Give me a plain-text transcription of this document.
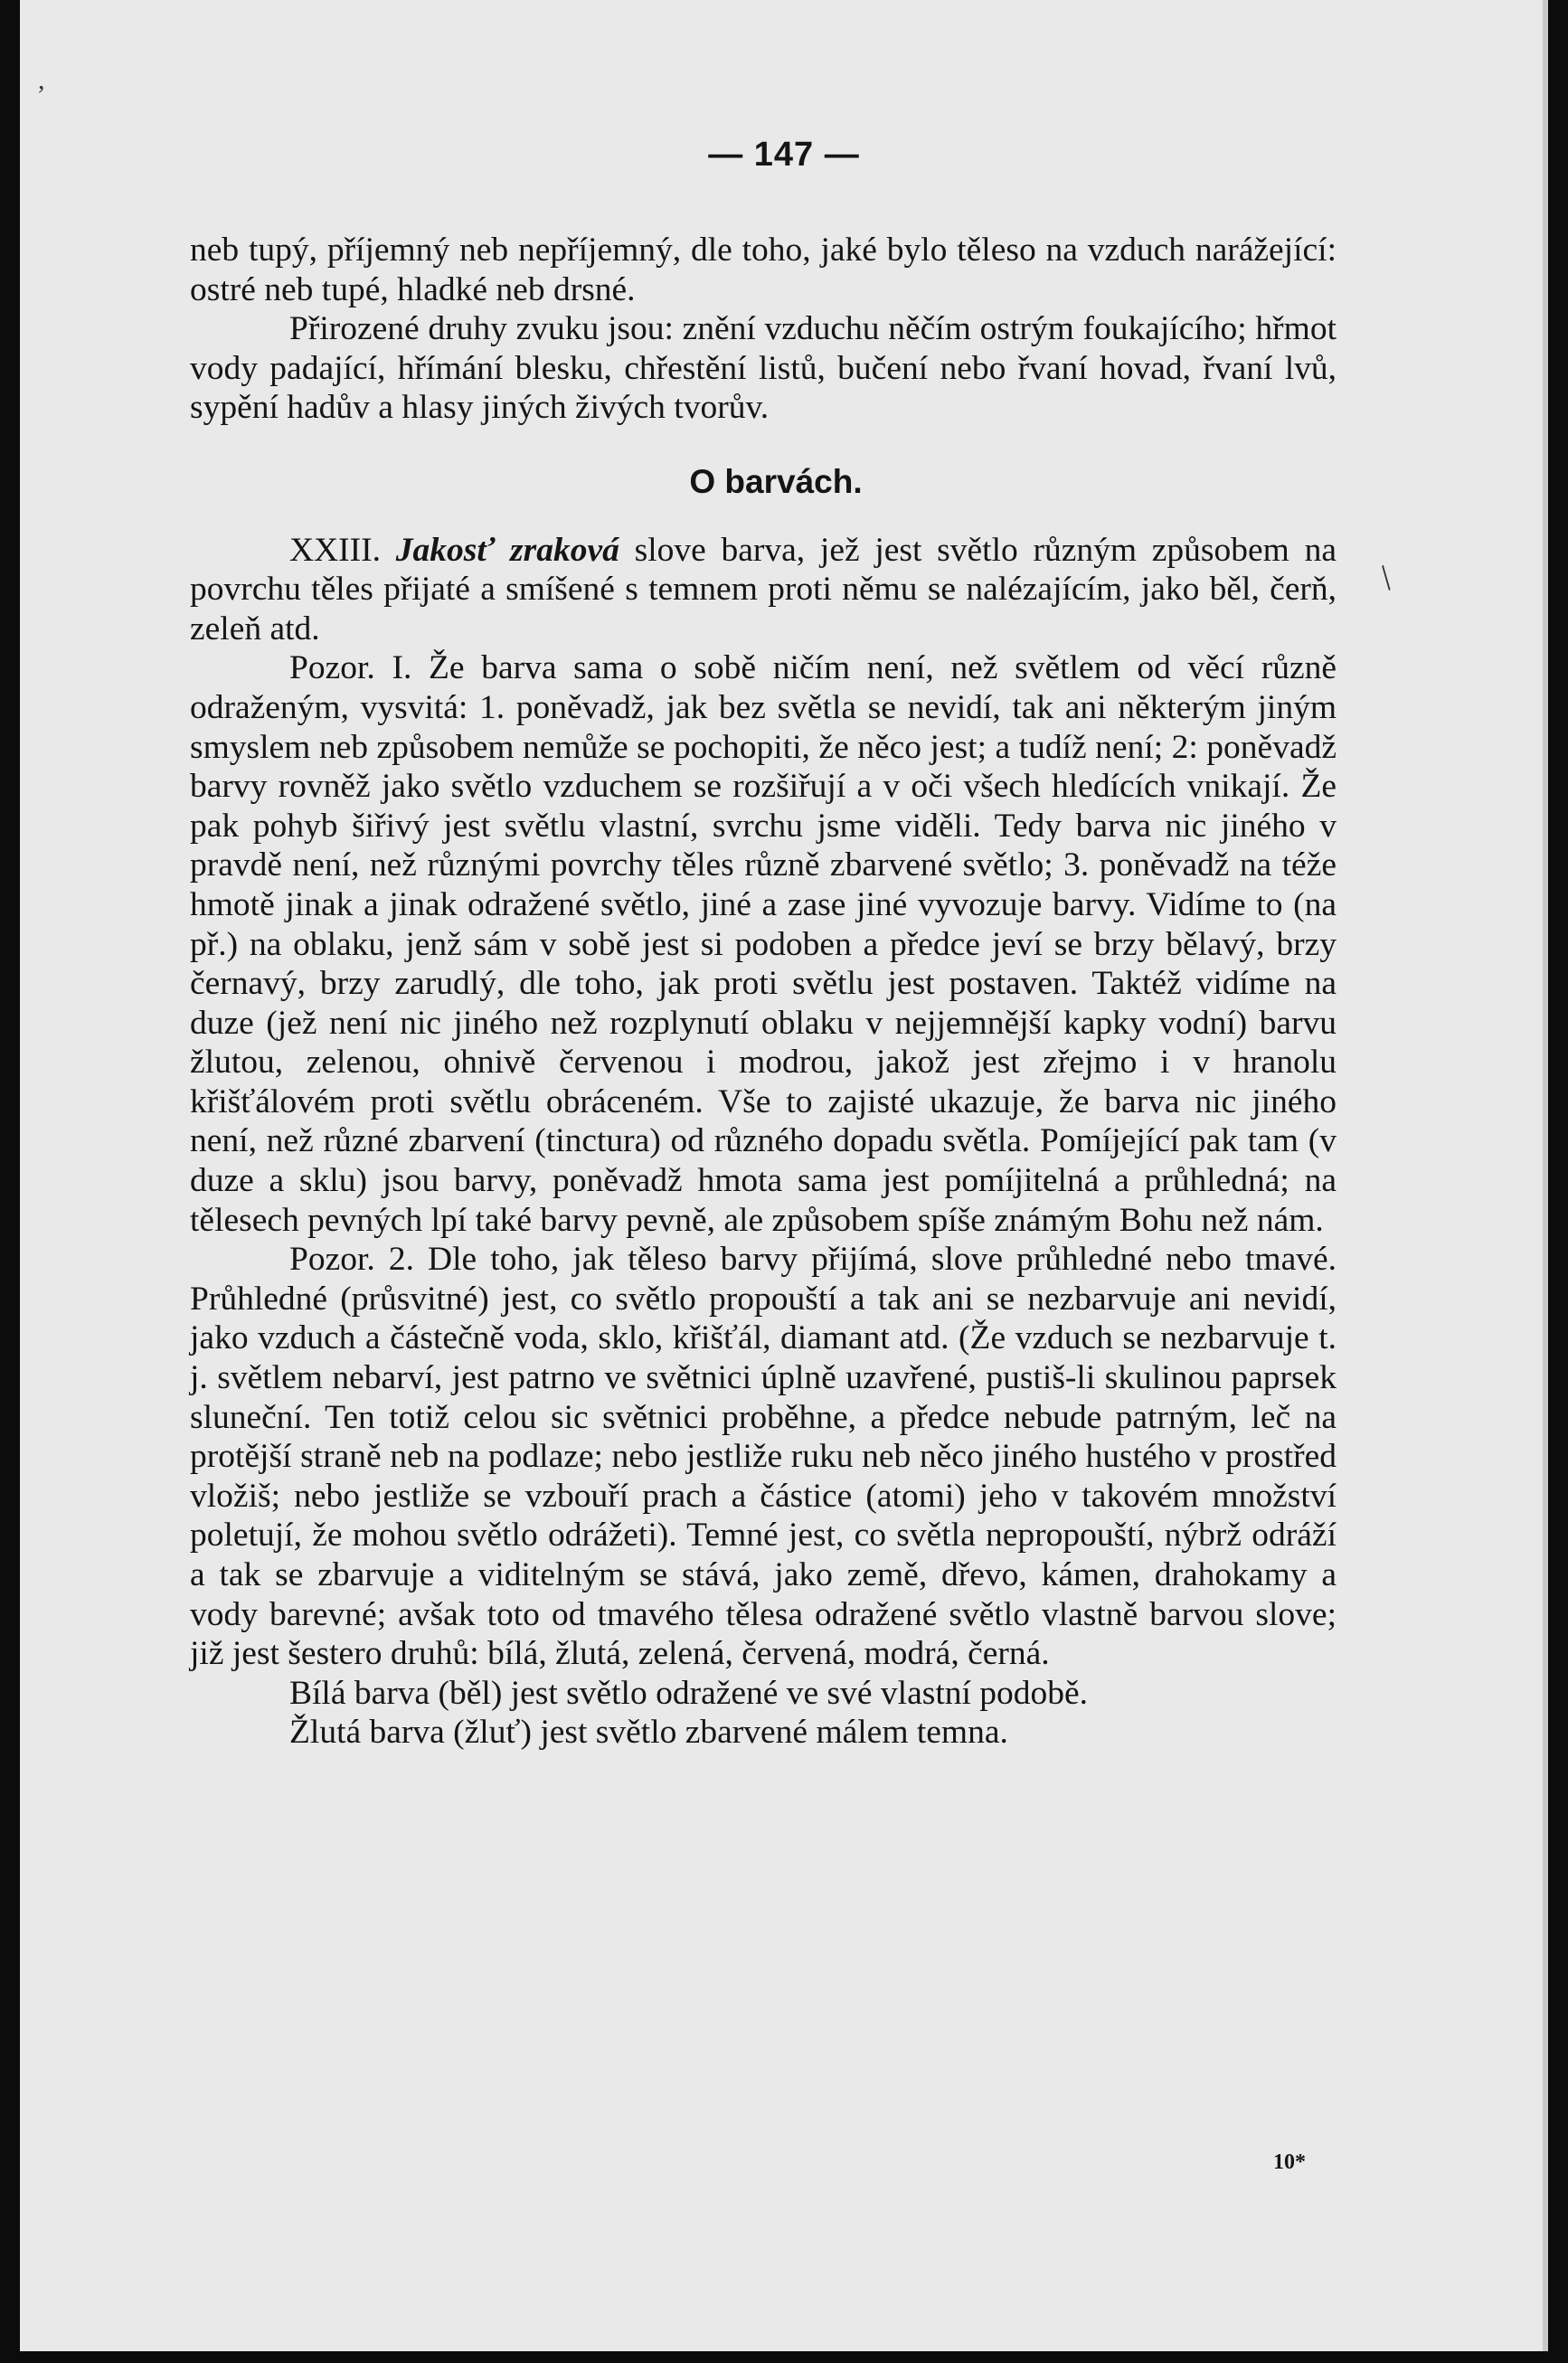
,
/
— 147 —

neb tupý, příjemný neb nepříjemný, dle toho, jaké bylo těleso na vzduch narážející: ostré neb tupé, hladké neb drsné.

Přirozené druhy zvuku jsou: znění vzduchu něčím ostrým foukajícího; hřmot vody padající, hřímání blesku, chřestění listů, bučení nebo řvaní hovad, řvaní lvů, sypění hadův a hlasy jiných živých tvorův.

O barvách.

XXIII. Jakosť zraková slove barva, jež jest světlo různým způsobem na povrchu těles přijaté a smíšené s temnem proti němu se nalézajícím, jako běl, čerň, zeleň atd.

Pozor. I. Že barva sama o sobě ničím není, než světlem od věcí různě odraženým, vysvitá: 1. poněvadž, jak bez světla se nevidí, tak ani některým jiným smyslem neb způsobem nemůže se pochopiti, že něco jest; a tudíž není; 2: poněvadž barvy rovněž jako světlo vzduchem se rozšiřují a v oči všech hledících vnikají. Že pak pohyb šiřivý jest světlu vlastní, svrchu jsme viděli. Tedy barva nic jiného v pravdě není, než různými povrchy těles různě zbarvené světlo; 3. poněvadž na téže hmotě jinak a jinak odražené světlo, jiné a zase jiné vyvozuje barvy. Vidíme to (na př.) na oblaku, jenž sám v sobě jest si podoben a předce jeví se brzy bělavý, brzy černavý, brzy zarudlý, dle toho, jak proti světlu jest postaven. Taktéž vidíme na duze (jež není nic jiného než rozplynutí oblaku v nejjemnější kapky vodní) barvu žlutou, zelenou, ohnivě červenou i modrou, jakož jest zřejmo i v hranolu křišťálovém proti světlu obráceném. Vše to zajisté ukazuje, že barva nic jiného není, než různé zbarvení (tinctura) od různého dopadu světla. Pomíjející pak tam (v duze a sklu) jsou barvy, poněvadž hmota sama jest pomíjitelná a průhledná; na tělesech pevných lpí také barvy pevně, ale způsobem spíše známým Bohu než nám.

Pozor. 2. Dle toho, jak těleso barvy přijímá, slove průhledné nebo tmavé. Průhledné (průsvitné) jest, co světlo propouští a tak ani se nezbarvuje ani nevidí, jako vzduch a částečně voda, sklo, křišťál, diamant atd. (Že vzduch se nezbarvuje t. j. světlem nebarví, jest patrno ve světnici úplně uzavřené, pustiš-li skulinou paprsek sluneční. Ten totiž celou sic světnici proběhne, a předce nebude patrným, leč na protější straně neb na podlaze; nebo jestliže ruku neb něco jiného hustého v prostřed vložiš; nebo jestliže se vzbouří prach a částice (atomi) jeho v takovém množství poletují, že mohou světlo odrážeti). Temné jest, co světla nepropouští, nýbrž odráží a tak se zbarvuje a viditelným se stává, jako země, dřevo, kámen, drahokamy a vody barevné; avšak toto od tmavého tělesa odražené světlo vlastně barvou slove; již jest šestero druhů: bílá, žlutá, zelená, červená, modrá, černá.

Bílá barva (běl) jest světlo odražené ve své vlastní podobě.

Žlutá barva (žluť) jest světlo zbarvené málem temna.

10*
